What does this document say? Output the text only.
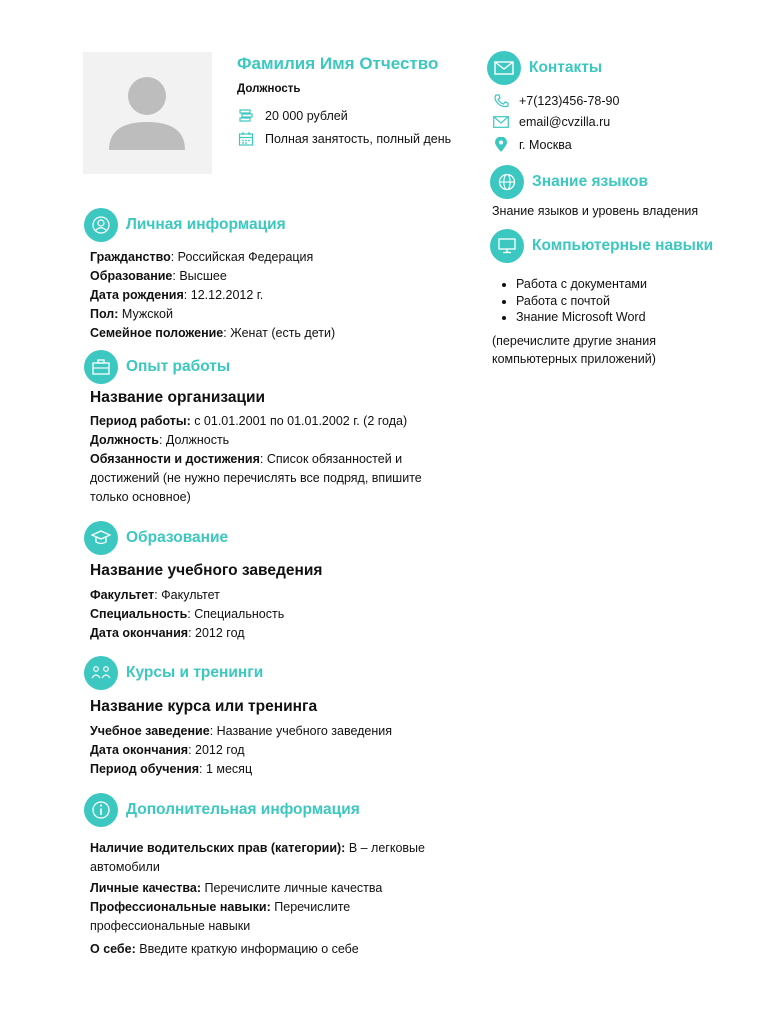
Фамилия Имя Отчество
Должность
20 000 рублей
Полная занятость, полный день
Контакты
+7(123)456-78-90
email@cvzilla.ru
г. Москва
Знание языков
Знание языков и уровень владения
Компьютерные навыки
• Работа с документами
• Работа с почтой
• Знание Microsoft Word
(перечислите другие знания компьютерных приложений)
Личная информация
Гражданство: Российская Федерация
Образование: Высшее
Дата рождения: 12.12.2012 г.
Пол: Мужской
Семейное положение: Женат (есть дети)
Опыт работы
Название организации
Период работы: с 01.01.2001 по 01.01.2002 г. (2 года)
Должность: Должность
Обязанности и достижения: Список обязанностей и достижений (не нужно перечислять все подряд, впишите только основное)
Образование
Название учебного заведения
Факультет: Факультет
Специальность: Специальность
Дата окончания: 2012 год
Курсы и тренинги
Название курса или тренинга
Учебное заведение: Название учебного заведения
Дата окончания: 2012 год
Период обучения: 1 месяц
Дополнительная информация
Наличие водительских прав (категории): В – легковые автомобили
Личные качества: Перечислите личные качества
Профессиональные навыки: Перечислите профессиональные навыки
О себе: Введите краткую информацию о себе
